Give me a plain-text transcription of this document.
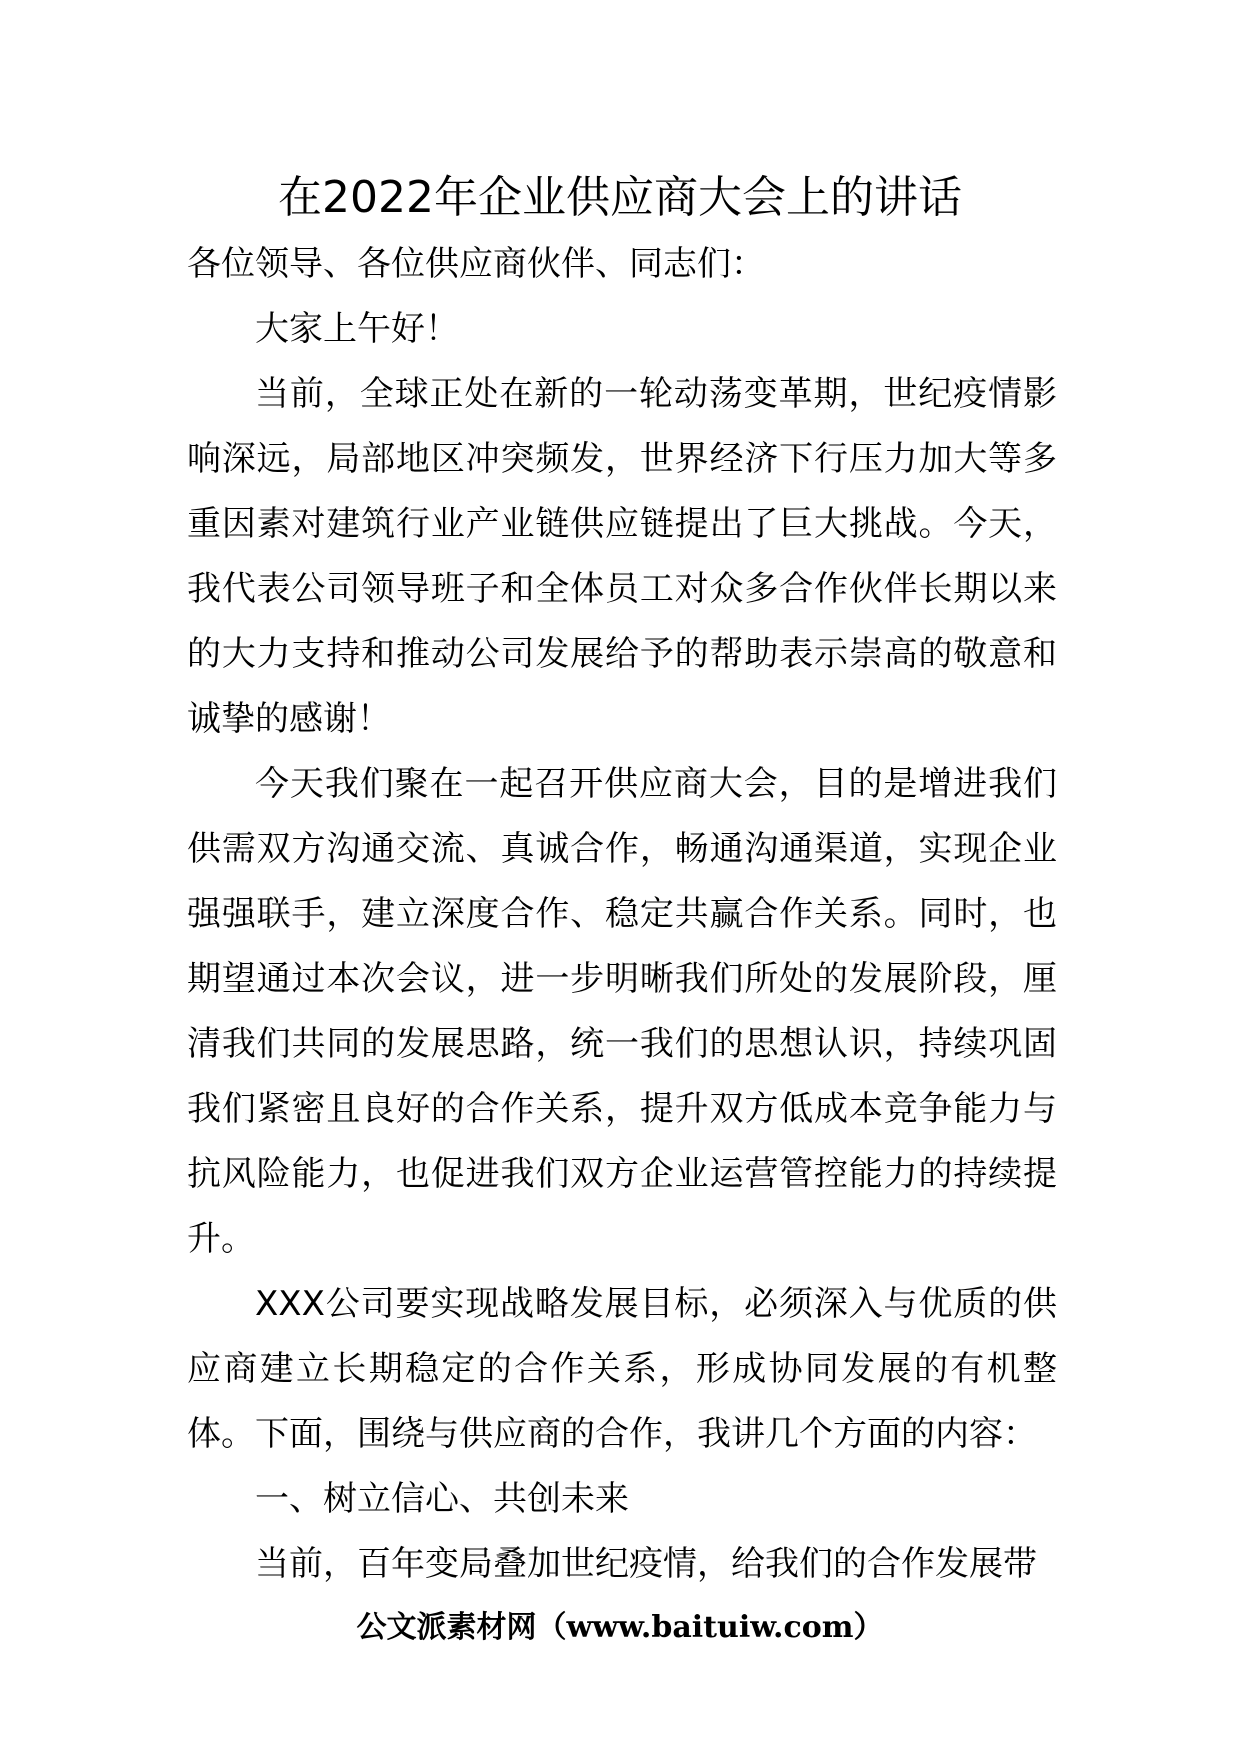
在2022年企业供应商大会上的讲话

各位领导、各位供应商伙伴、同志们：

大家上午好！

当前，全球正处在新的一轮动荡变革期，世纪疫情影响深远，局部地区冲突频发，世界经济下行压力加大等多重因素对建筑行业产业链供应链提出了巨大挑战。今天，我代表公司领导班子和全体员工对众多合作伙伴长期以来的大力支持和推动公司发展给予的帮助表示崇高的敬意和诚挚的感谢！

今天我们聚在一起召开供应商大会，目的是增进我们供需双方沟通交流、真诚合作，畅通沟通渠道，实现企业强强联手，建立深度合作、稳定共赢合作关系。同时，也期望通过本次会议，进一步明晰我们所处的发展阶段，厘清我们共同的发展思路，统一我们的思想认识，持续巩固我们紧密且良好的合作关系，提升双方低成本竞争能力与抗风险能力，也促进我们双方企业运营管控能力的持续提升。

XXX公司要实现战略发展目标，必须深入与优质的供应商建立长期稳定的合作关系，形成协同发展的有机整体。下面，围绕与供应商的合作，我讲几个方面的内容：

一、树立信心、共创未来

当前，百年变局叠加世纪疫情，给我们的合作发展带

公文派素材网（www.baituiw.com）
